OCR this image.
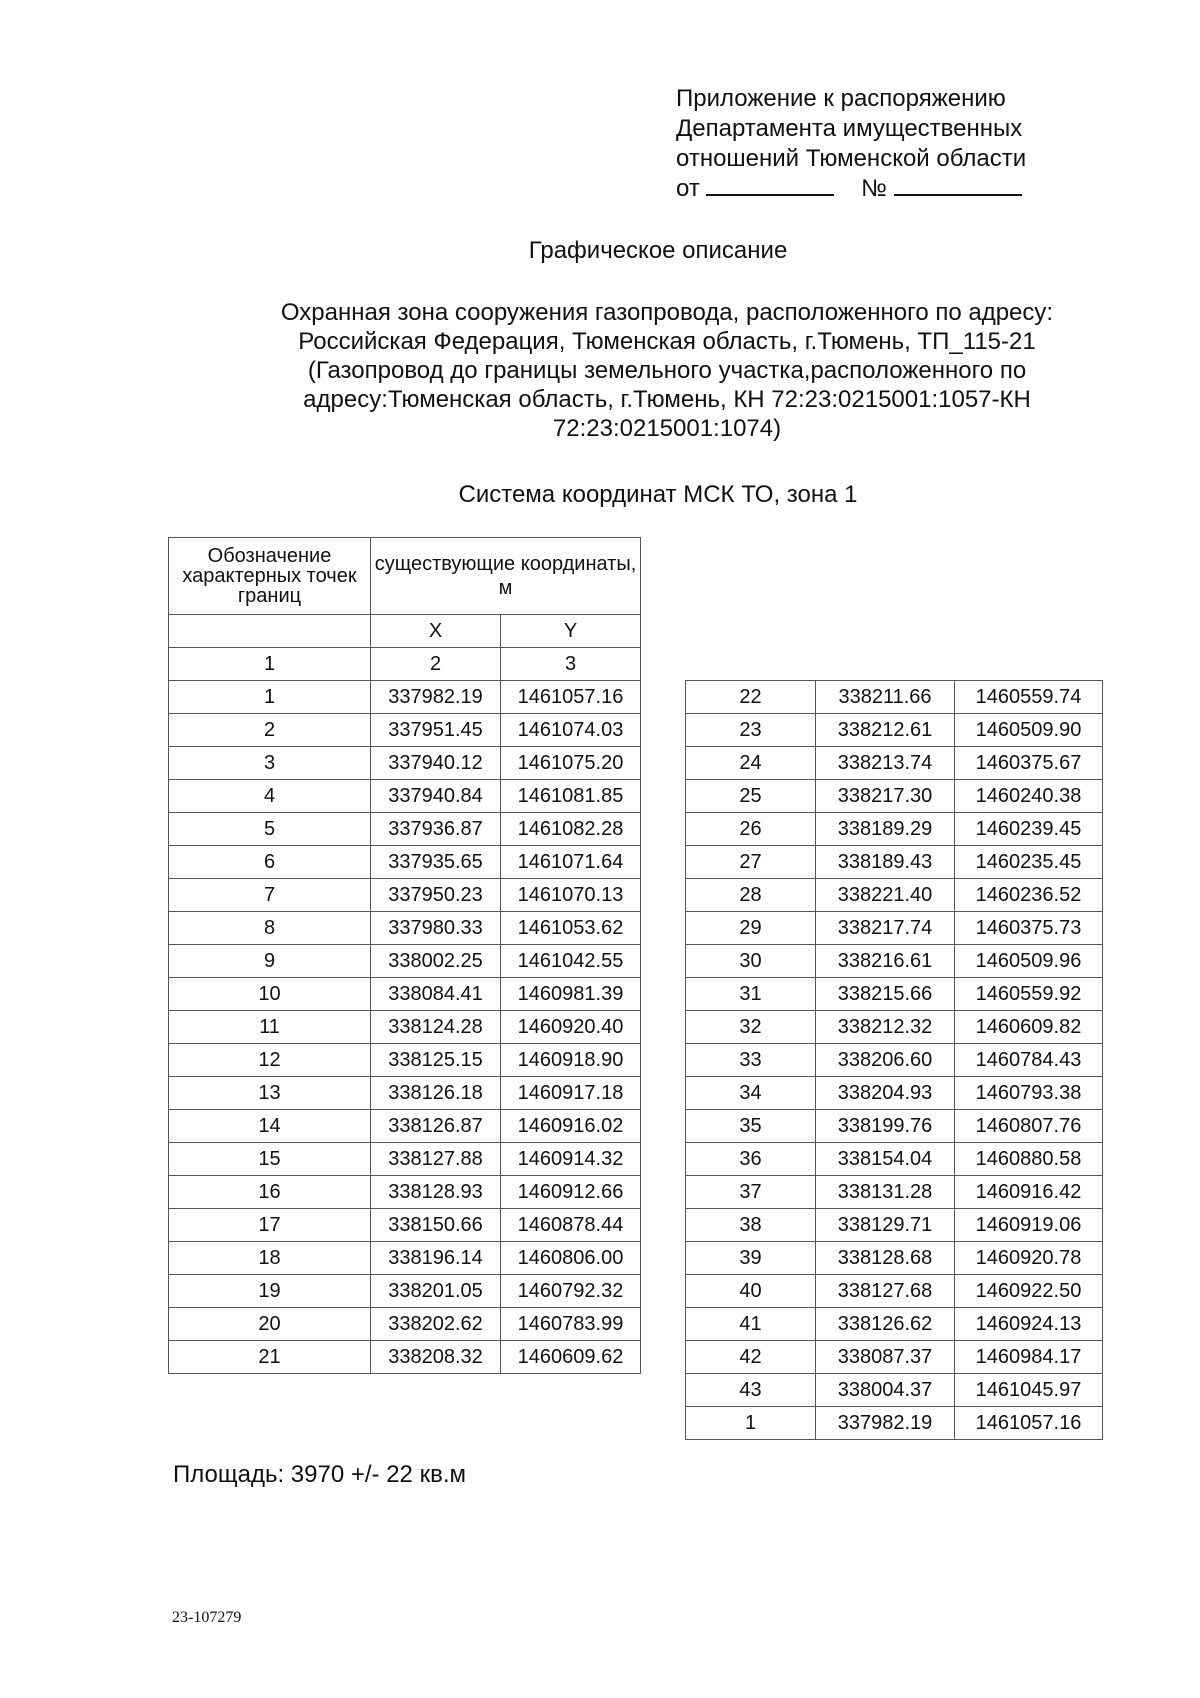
Приложение к распоряжению
Департамента имущественных
отношений Тюменской области
от	№
Графическое описание
Охранная зона сооружения газопровода, расположенного по адресу:
Российская Федерация, Тюменская область, г.Тюмень, ТП_115-21
(Газопровод до границы земельного участка,расположенного по
адресу:Тюменская область, г.Тюмень, КН 72:23:0215001:1057-КН
72:23:0215001:1074)
Система координат МСК ТО, зона 1
Обозначение характерных точек границ	существующие координаты, м	
	X	Y
1	2	3
1	337982.19	1461057.16
2	337951.45	1461074.03
3	337940.12	1461075.20
4	337940.84	1461081.85
5	337936.87	1461082.28
6	337935.65	1461071.64
7	337950.23	1461070.13
8	337980.33	1461053.62
9	338002.25	1461042.55
10	338084.41	1460981.39
11	338124.28	1460920.40
12	338125.15	1460918.90
13	338126.18	1460917.18
14	338126.87	1460916.02
15	338127.88	1460914.32
16	338128.93	1460912.66
17	338150.66	1460878.44
18	338196.14	1460806.00
19	338201.05	1460792.32
20	338202.62	1460783.99
21	338208.32	1460609.62
22	338211.66	1460559.74
23	338212.61	1460509.90
24	338213.74	1460375.67
25	338217.30	1460240.38
26	338189.29	1460239.45
27	338189.43	1460235.45
28	338221.40	1460236.52
29	338217.74	1460375.73
30	338216.61	1460509.96
31	338215.66	1460559.92
32	338212.32	1460609.82
33	338206.60	1460784.43
34	338204.93	1460793.38
35	338199.76	1460807.76
36	338154.04	1460880.58
37	338131.28	1460916.42
38	338129.71	1460919.06
39	338128.68	1460920.78
40	338127.68	1460922.50
41	338126.62	1460924.13
42	338087.37	1460984.17
43	338004.37	1461045.97
1	337982.19	1461057.16
Площадь: 3970 +/- 22 кв.м
23-107279
